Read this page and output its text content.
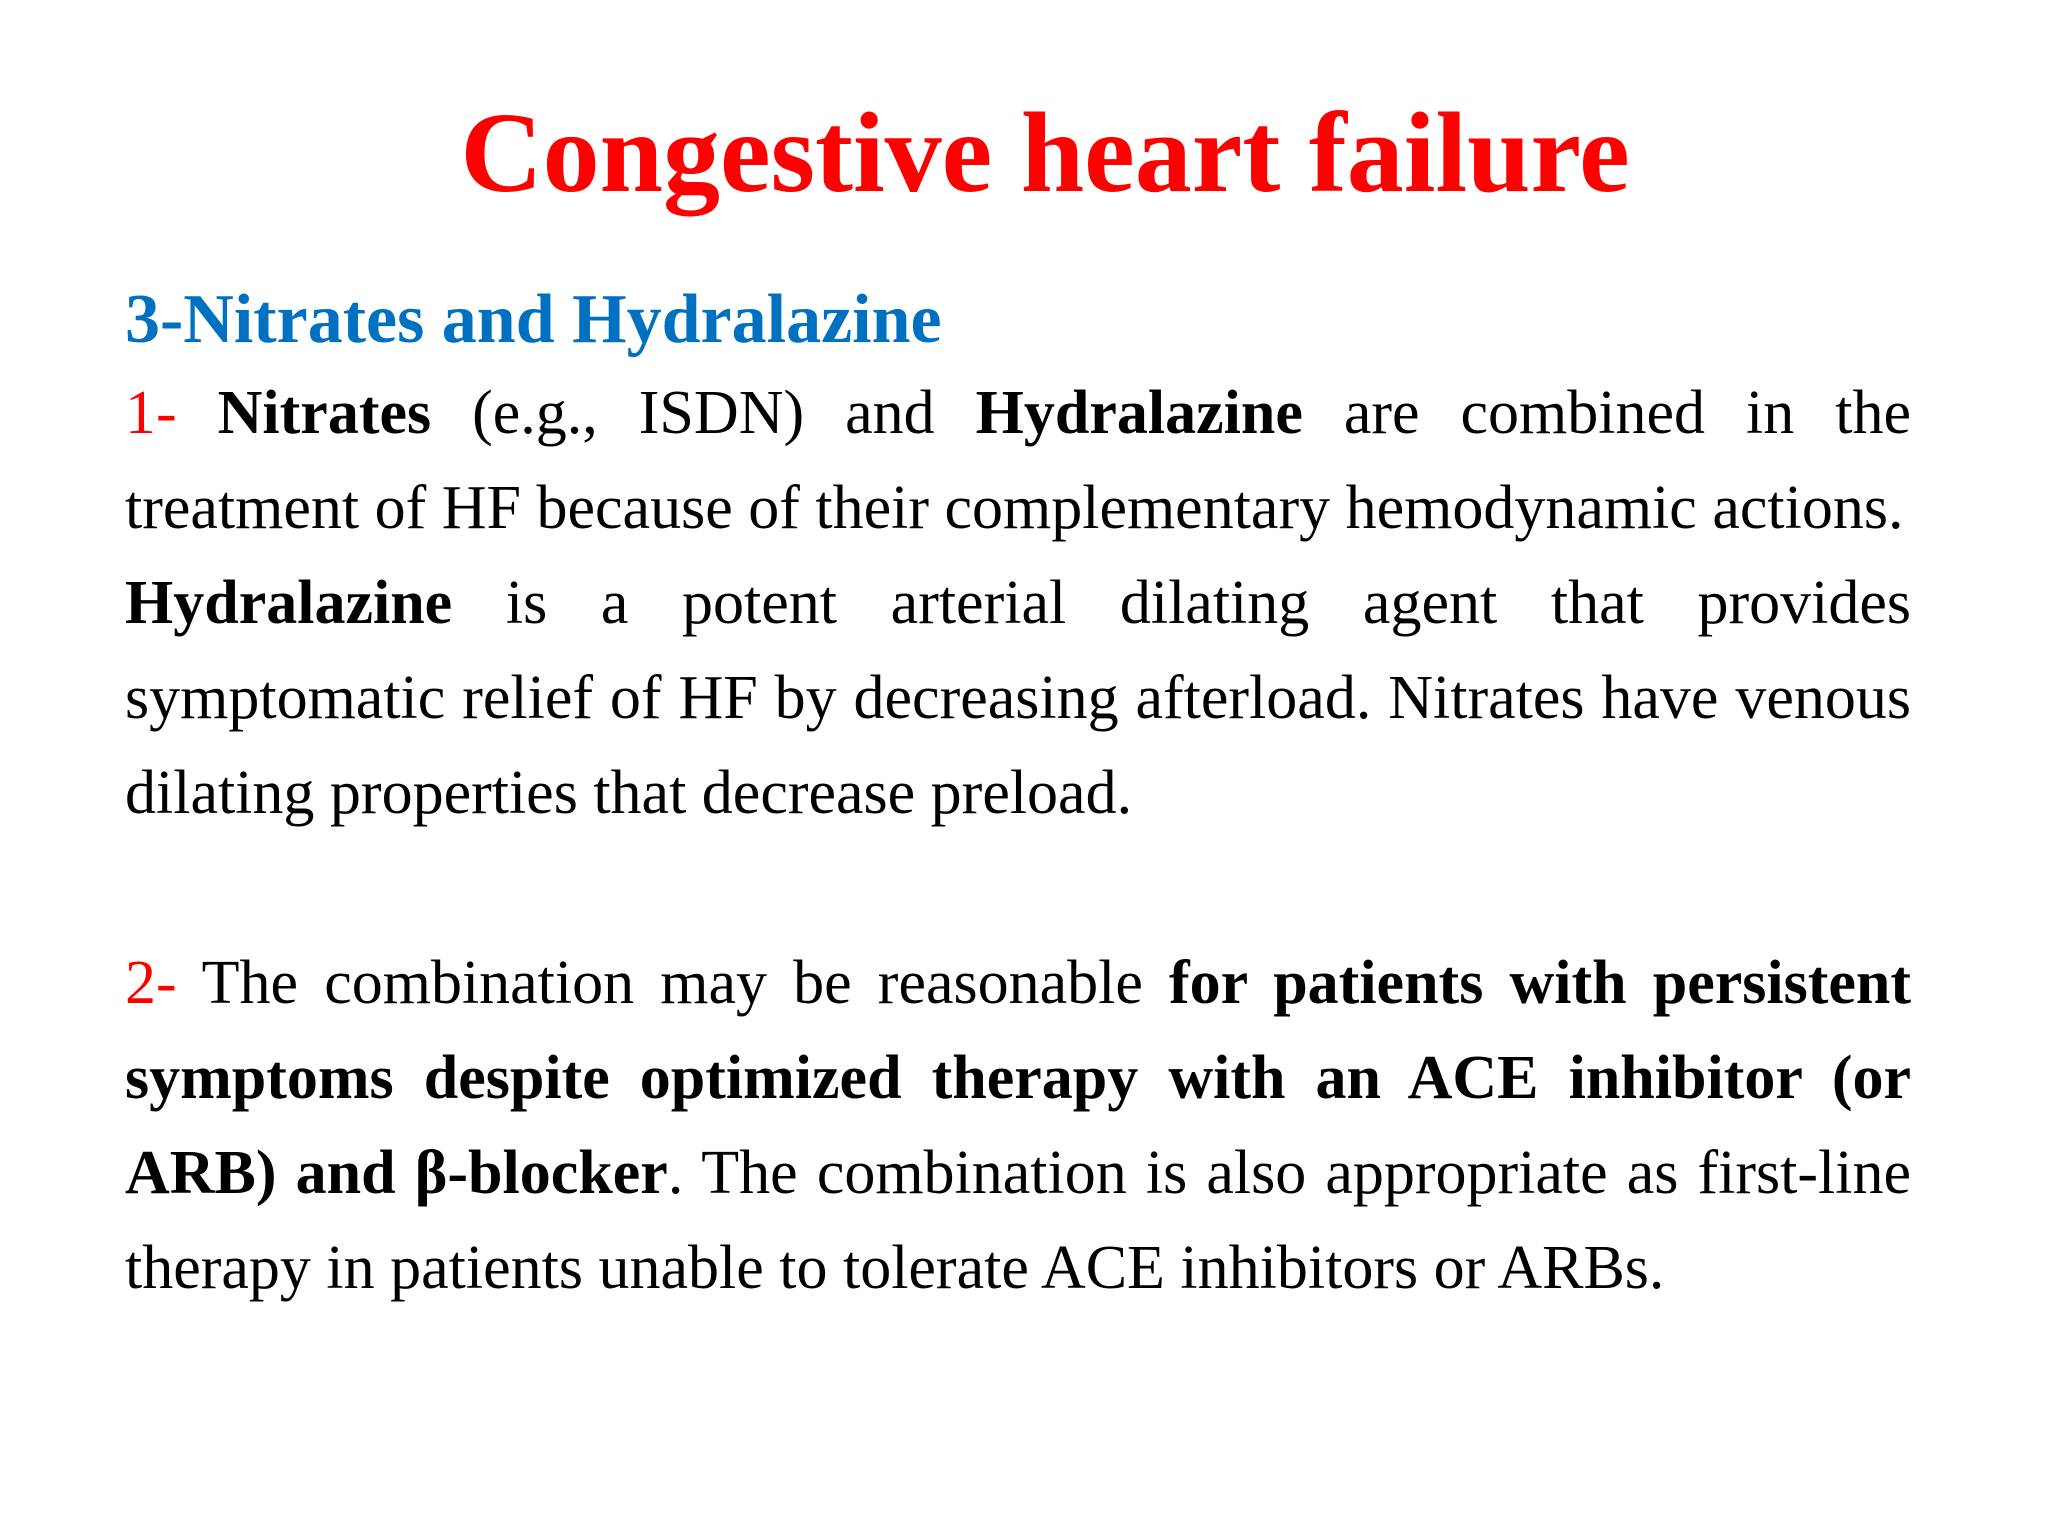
Congestive heart failure
3-Nitrates and Hydralazine

1- Nitrates (e.g., ISDN) and Hydralazine are combined in the treatment of HF because of their complementary hemodynamic actions.

Hydralazine is a potent arterial dilating agent that provides symptomatic relief of HF by decreasing afterload. Nitrates have venous dilating properties that decrease preload.

2- The combination may be reasonable for patients with persistent symptoms despite optimized therapy with an ACE inhibitor (or ARB) and β-blocker. The combination is also appropriate as first-line therapy in patients unable to tolerate ACE inhibitors or ARBs.
